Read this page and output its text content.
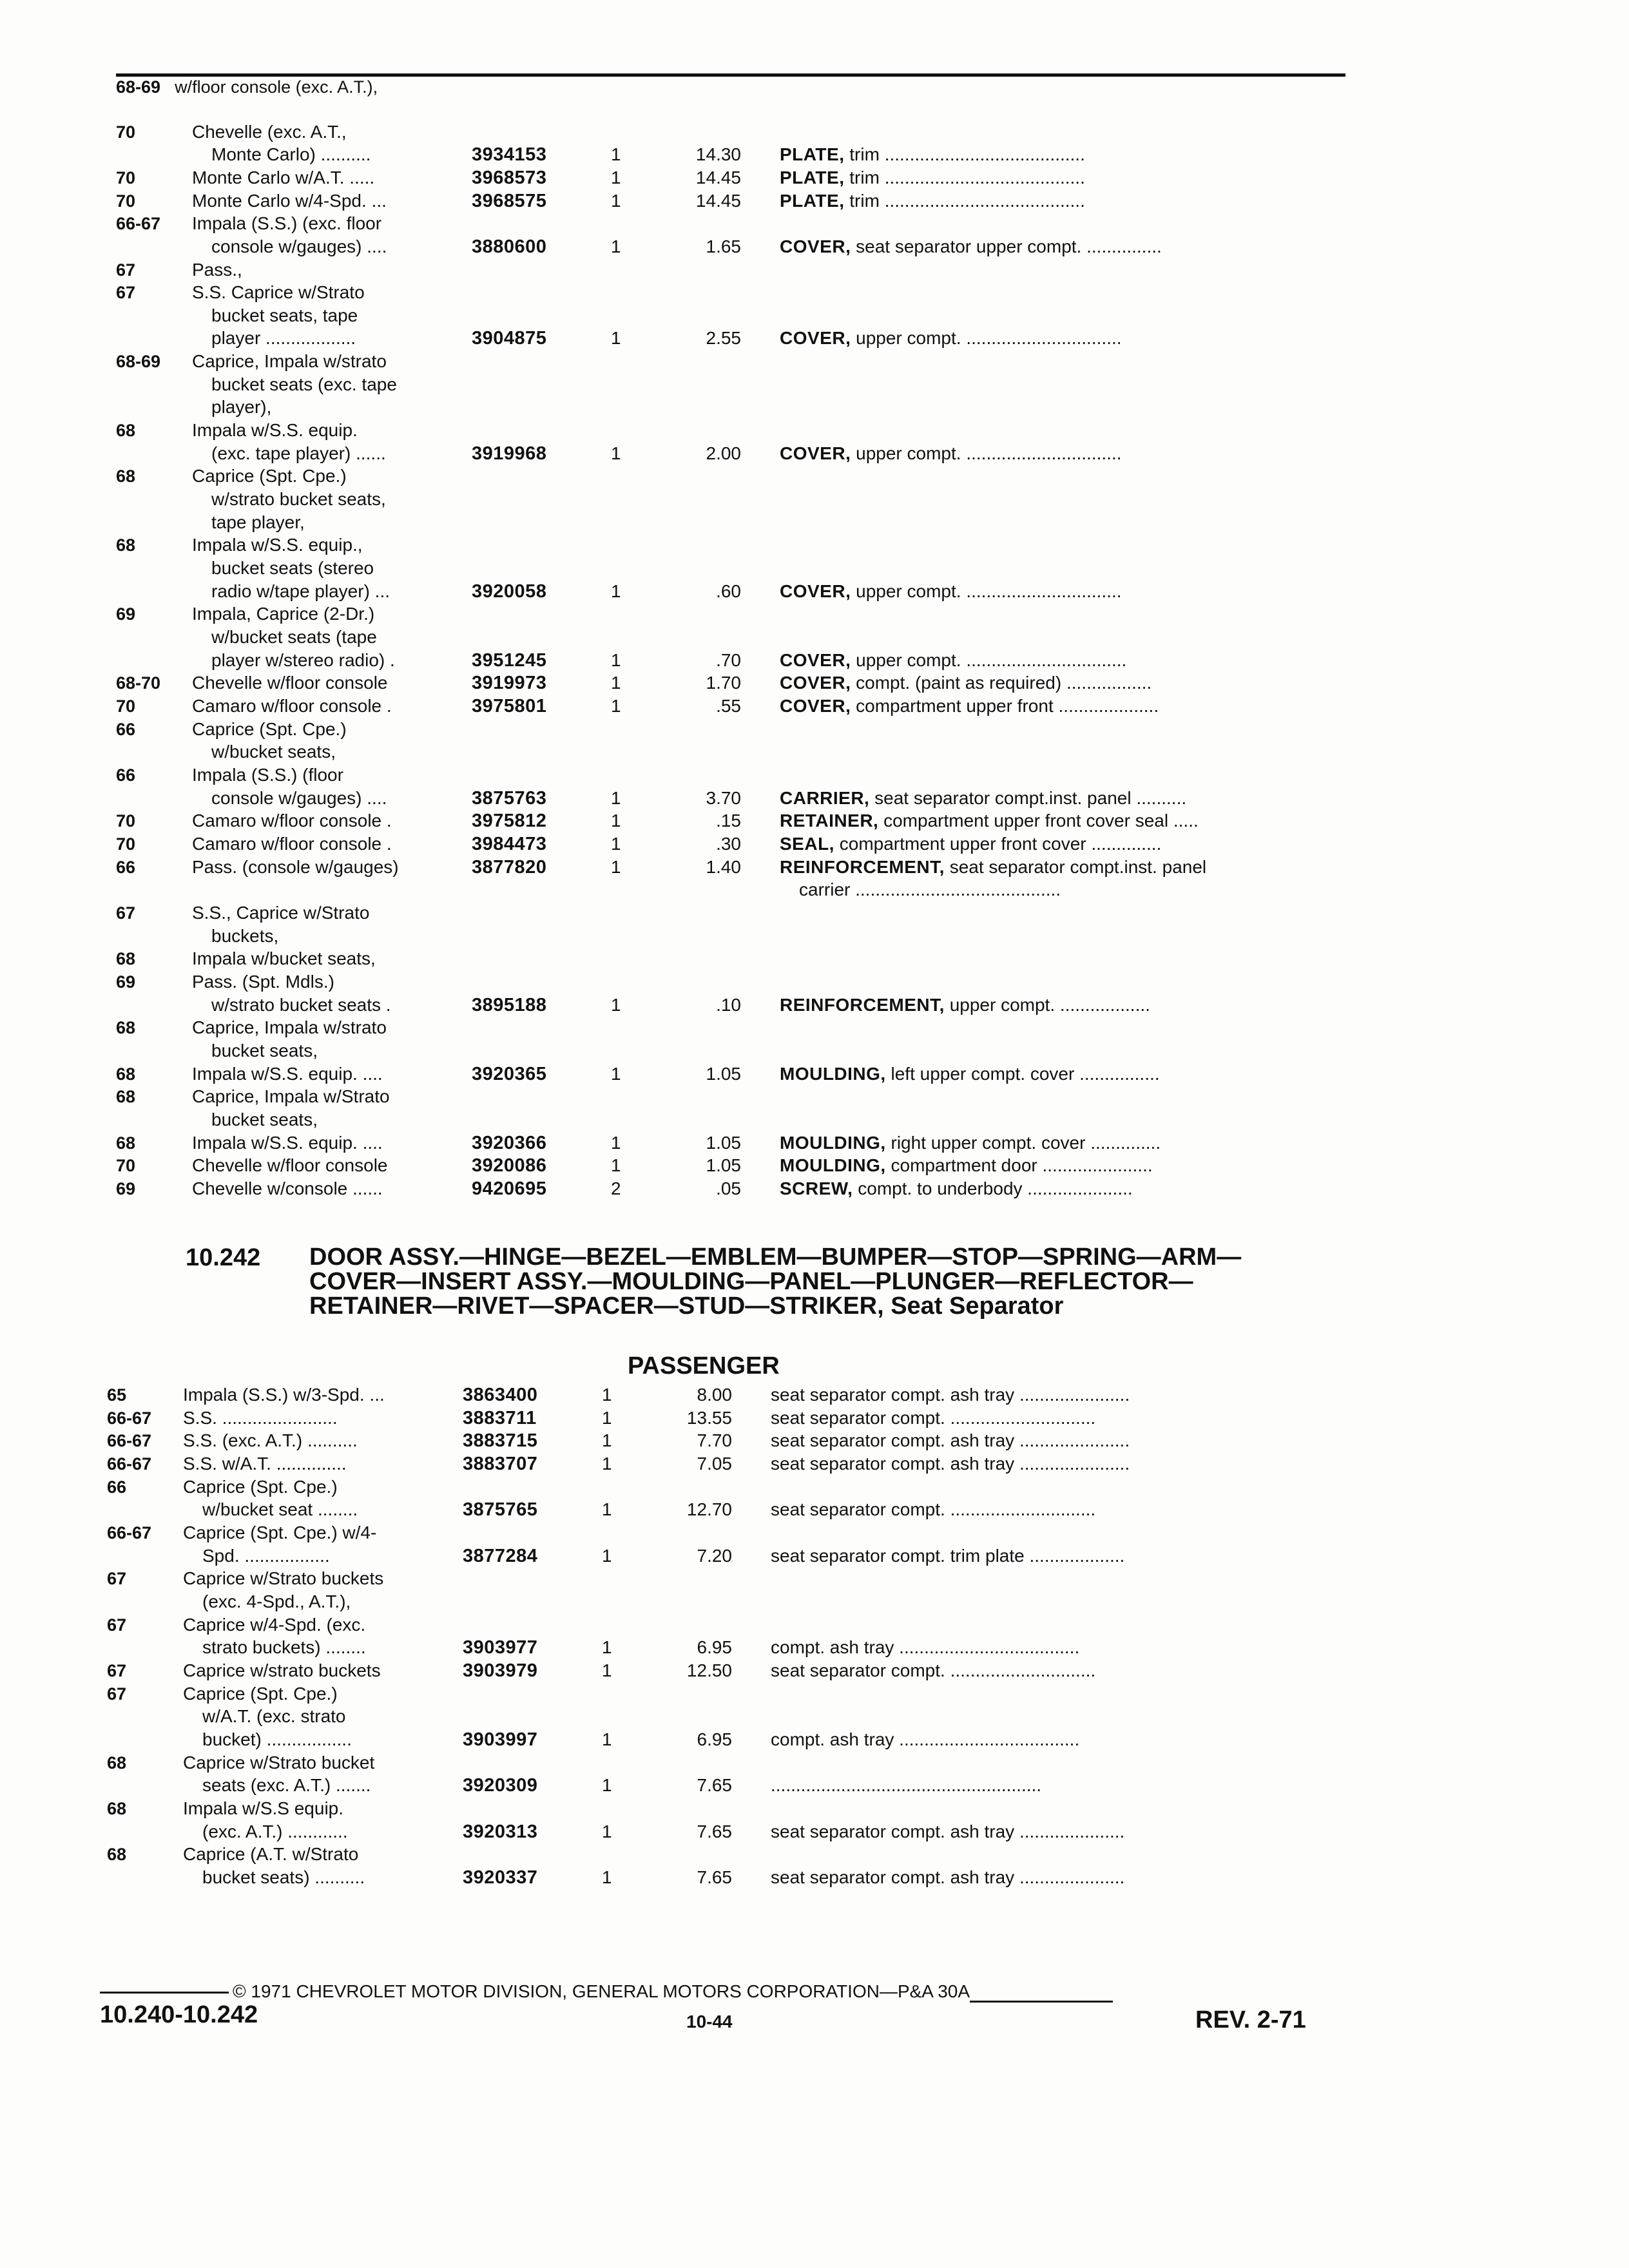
68-69 w/floor console (exc. A.T.),
70	Chevelle (exc. A.T.,
Monte Carlo) ..........	3934153	1	14.30 PLATE, trim ........................................
70	Monte Carlo w/A.T. .....	3968573	1	14.45 PLATE, trim ........................................
70	Monte Carlo w/4-Spd. ...	3968575	1	14.45 PLATE, trim ........................................
66-67 Impala (S.S.) (exc. floor
console w/gauges) ....	3880600	1	1.65 COVER, seat separator upper compt. ...............
67	Pass.,
67	S.S. Caprice w/Strato
bucket seats, tape
player ..................	3904875	1	2.55 COVER, upper compt. ...............................
68-69 Caprice, Impala w/strato
bucket seats (exc. tape
player),
68	Impala w/S.S. equip.
(exc. tape player) ......	3919968	1	2.00 COVER, upper compt. ...............................
68	Caprice (Spt. Cpe.)
w/strato bucket seats,
tape player,
68	Impala w/S.S. equip.,
bucket seats (stereo
radio w/tape player) ...	3920058	1	.60 COVER, upper compt. ...............................
69	Impala, Caprice (2-Dr.)
w/bucket seats (tape
player w/stereo radio) .	3951245	1	.70 COVER, upper compt. ................................
68-70 Chevelle w/floor console	3919973	1	1.70 COVER, compt. (paint as required) .................
70	Camaro w/floor console .	3975801	1	.55 COVER, compartment upper front ....................
66	Caprice (Spt. Cpe.)
w/bucket seats,
66	Impala (S.S.) (floor
console w/gauges) ....	3875763	1	3.70 CARRIER, seat separator compt.inst. panel ..........
70	Camaro w/floor console .	3975812	1	.15 RETAINER, compartment upper front cover seal .....
70	Camaro w/floor console .	3984473	1	.30 SEAL, compartment upper front cover ..............
66	Pass. (console w/gauges)	3877820	1	1.40 REINFORCEMENT, seat separator compt.inst. panel
carrier .........................................
67	S.S., Caprice w/Strato
buckets,
68	Impala w/bucket seats,
69	Pass. (Spt. Mdls.)
w/strato bucket seats .	3895188	1	.10 REINFORCEMENT, upper compt. ..................
68	Caprice, Impala w/strato
bucket seats,
68	Impala w/S.S. equip. ....	3920365	1	1.05 MOULDING, left upper compt. cover ................
68	Caprice, Impala w/Strato
bucket seats,
68	Impala w/S.S. equip. ....	3920366	1	1.05 MOULDING, right upper compt. cover ..............
70	Chevelle w/floor console	3920086	1	1.05 MOULDING, compartment door ......................
69	Chevelle w/console ......	9420695	2	.05 SCREW, compt. to underbody .....................
10.242 DOOR ASSY.—HINGE—BEZEL—EMBLEM—BUMPER—STOP—SPRING—ARM—COVER—INSERT ASSY.—MOULDING—PANEL—PLUNGER—REFLECTOR—RETAINER—RIVET—SPACER—STUD—STRIKER, Seat Separator
PASSENGER
65	Impala (S.S.) w/3-Spd. ...	3863400	1	8.00 seat separator compt. ash tray ......................
66-67 S.S. .......................	3883711	1	13.55 seat separator compt. .............................
66-67 S.S. (exc. A.T.) ..........	3883715	1	7.70 seat separator compt. ash tray ......................
66-67 S.S. w/A.T. ..............	3883707	1	7.05 seat separator compt. ash tray ......................
66	Caprice (Spt. Cpe.)
w/bucket seat ........	3875765	1	12.70 seat separator compt. .............................
66-67 Caprice (Spt. Cpe.) w/4-
Spd. .................	3877284	1	7.20 seat separator compt. trim plate ...................
67	Caprice w/Strato buckets
(exc. 4-Spd., A.T.),
67	Caprice w/4-Spd. (exc.
strato buckets) ........	3903977	1	6.95 compt. ash tray ....................................
67	Caprice w/strato buckets	3903979	1	12.50 seat separator compt. .............................
67	Caprice (Spt. Cpe.)
w/A.T. (exc. strato
bucket) .................	3903997	1	6.95 compt. ash tray ....................................
68	Caprice w/Strato bucket
seats (exc. A.T.) .......	3920309	1	7.65 ......................................................
68	Impala w/S.S equip.
(exc. A.T.) ............	3920313	1	7.65 seat separator compt. ash tray .....................
68	Caprice (A.T. w/Strato
bucket seats) ..........	3920337	1	7.65 seat separator compt. ash tray .....................
© 1971 CHEVROLET MOTOR DIVISION, GENERAL MOTORS CORPORATION—P&A 30A
10.240-10.242	10-44	REV. 2-71
